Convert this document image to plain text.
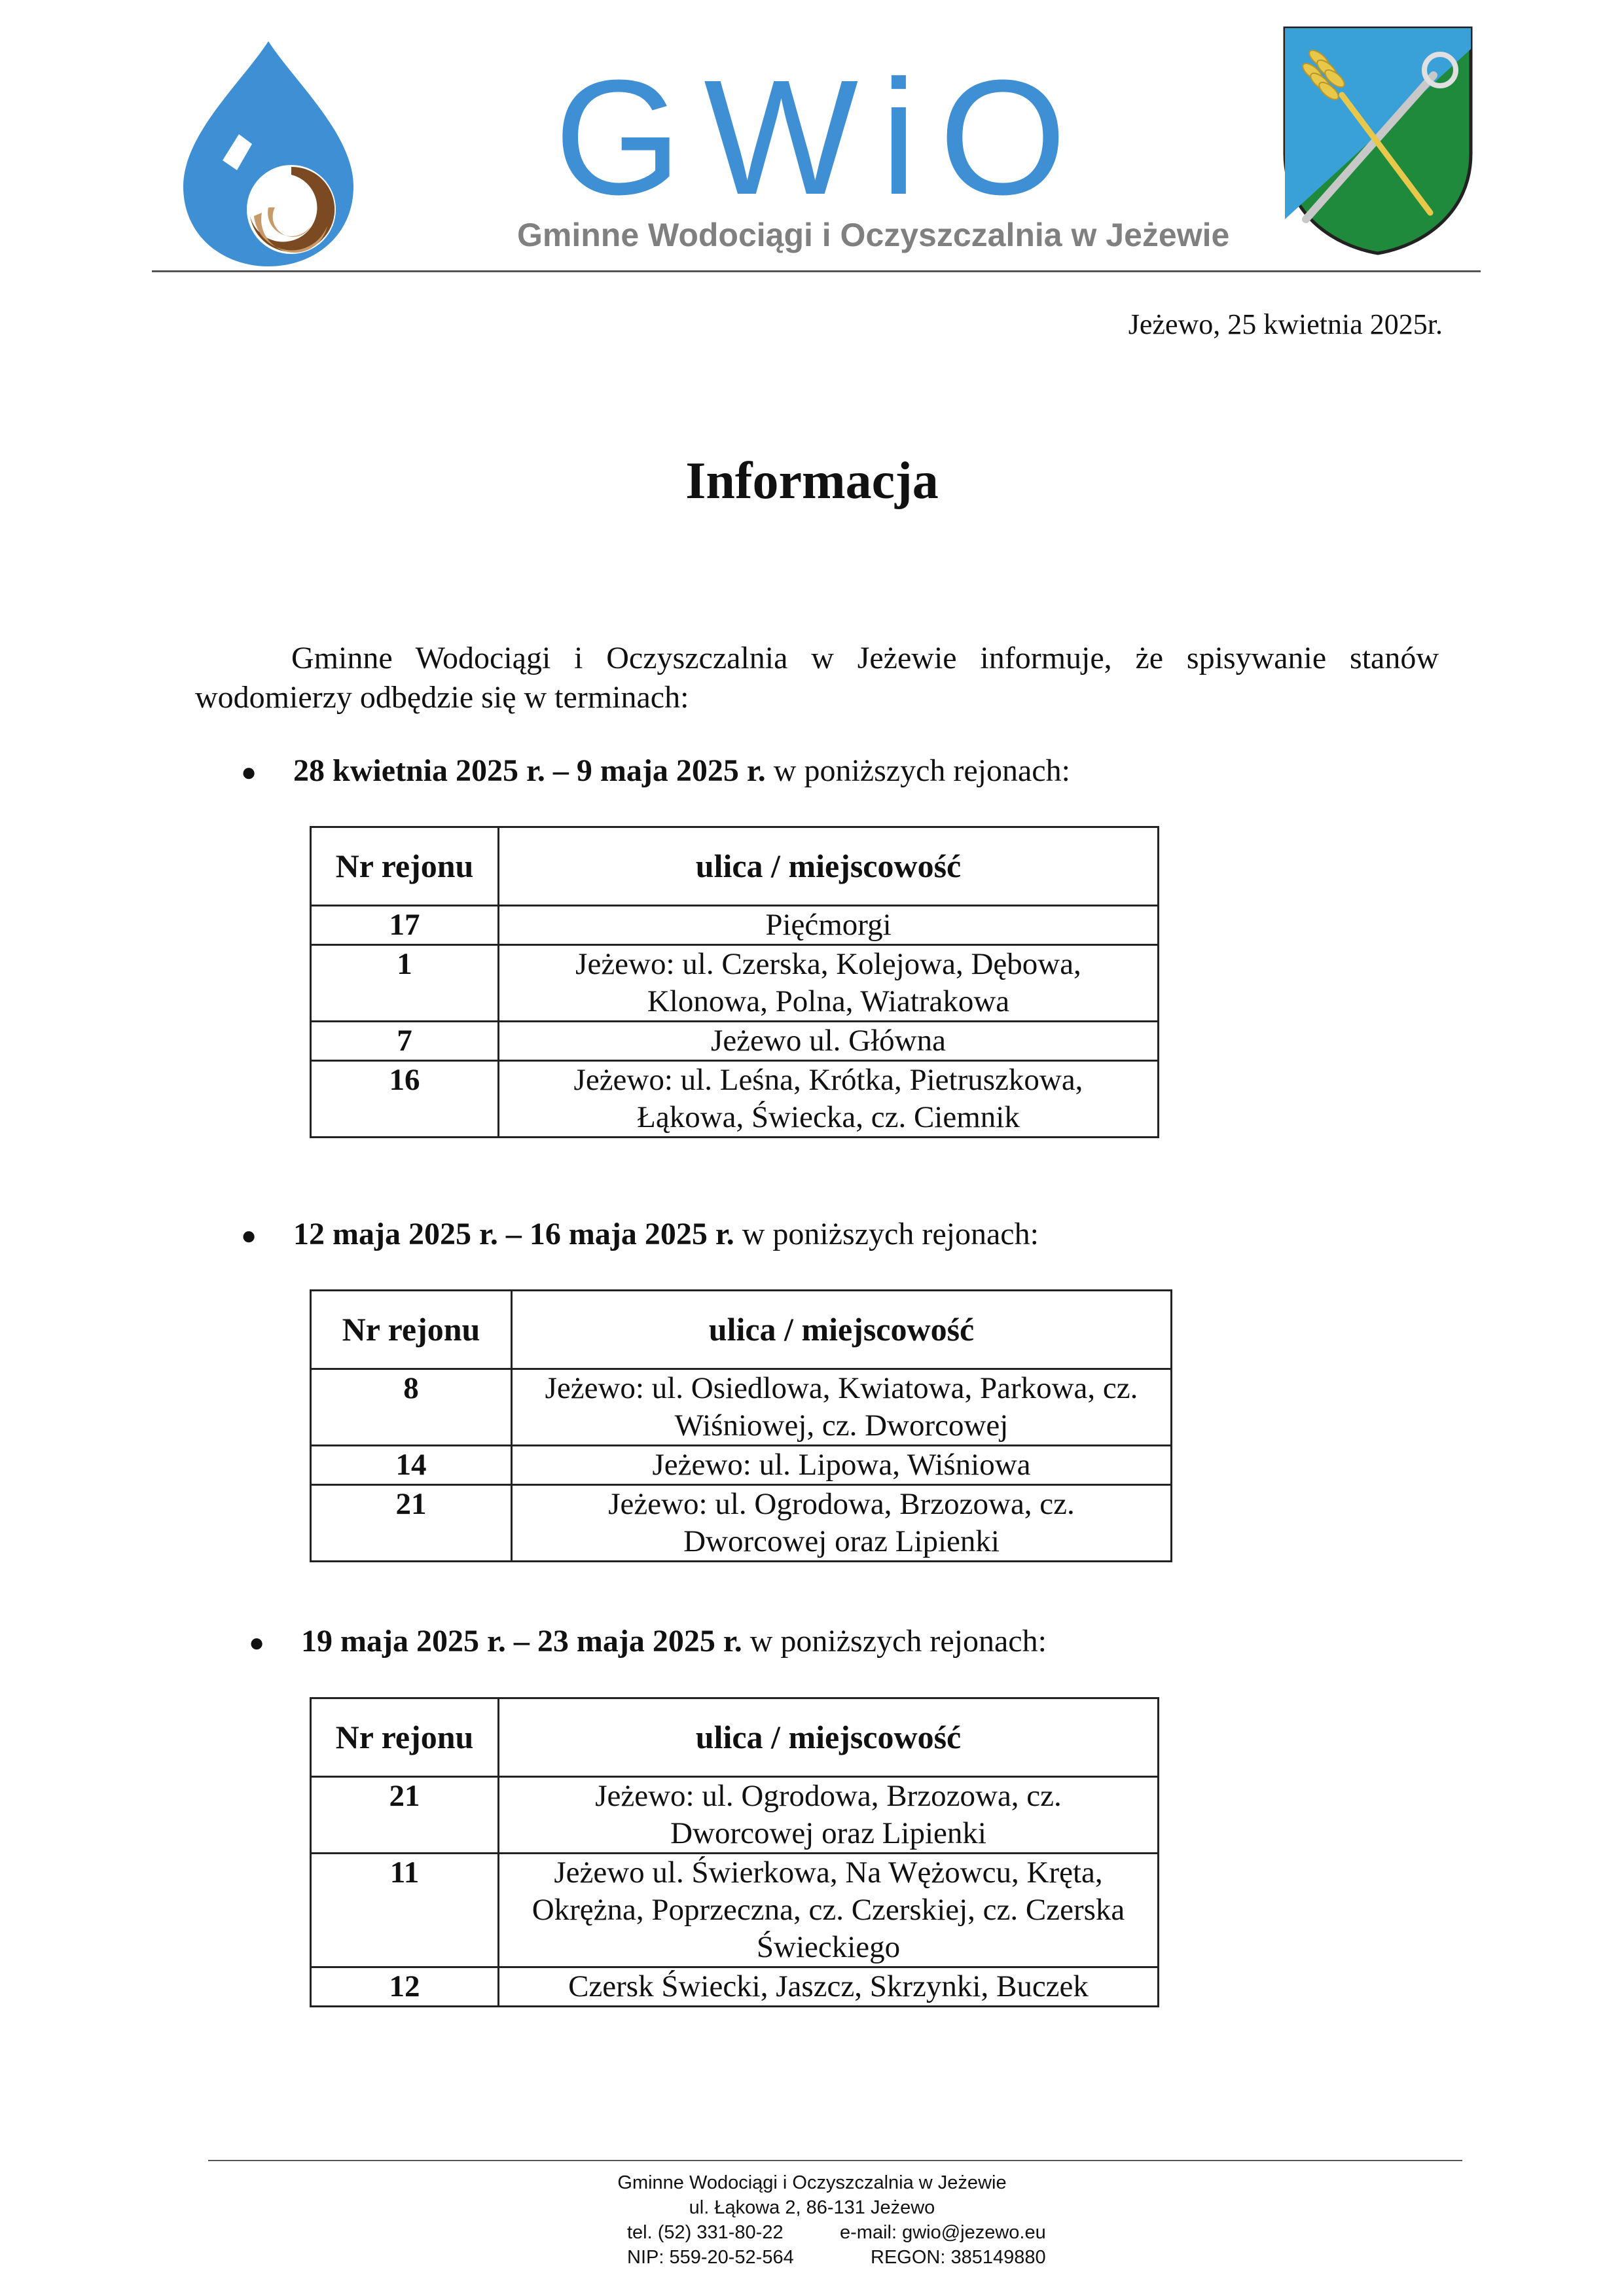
GWiO
Gminne Wodociągi i Oczyszczalnia w Jeżewie
Jeżewo, 25 kwietnia 2025r.
Informacja
Gminne Wodociągi i Oczyszczalnia w Jeżewie informuje, że spisywanie stanów wodomierzy odbędzie się w terminach:
● 28 kwietnia 2025 r. – 9 maja 2025 r. w poniższych rejonach:
Nr rejonu	ulica / miejscowość
17	Pięćmorgi
1	Jeżewo: ul. Czerska, Kolejowa, Dębowa, Klonowa, Polna, Wiatrakowa
7	Jeżewo ul. Główna
16	Jeżewo: ul. Leśna, Krótka, Pietruszkowa, Łąkowa, Świecka, cz. Ciemnik
● 12 maja 2025 r. – 16 maja 2025 r. w poniższych rejonach:
Nr rejonu	ulica / miejscowość
8	Jeżewo: ul. Osiedlowa, Kwiatowa, Parkowa, cz. Wiśniowej, cz. Dworcowej
14	Jeżewo: ul. Lipowa, Wiśniowa
21	Jeżewo: ul. Ogrodowa, Brzozowa, cz. Dworcowej oraz Lipienki
● 19 maja 2025 r. – 23 maja 2025 r. w poniższych rejonach:
Nr rejonu	ulica / miejscowość
21	Jeżewo: ul. Ogrodowa, Brzozowa, cz. Dworcowej oraz Lipienki
11	Jeżewo ul. Świerkowa, Na Wężowcu, Kręta, Okrężna, Poprzeczna, cz. Czerskiej, cz. Czerska Świeckiego
12	Czersk Świecki, Jaszcz, Skrzynki, Buczek
Gminne Wodociągi i Oczyszczalnia w Jeżewie
ul. Łąkowa 2, 86-131 Jeżewo
tel. (52) 331-80-22	e-mail: gwio@jezewo.eu
NIP: 559-20-52-564	REGON: 385149880
